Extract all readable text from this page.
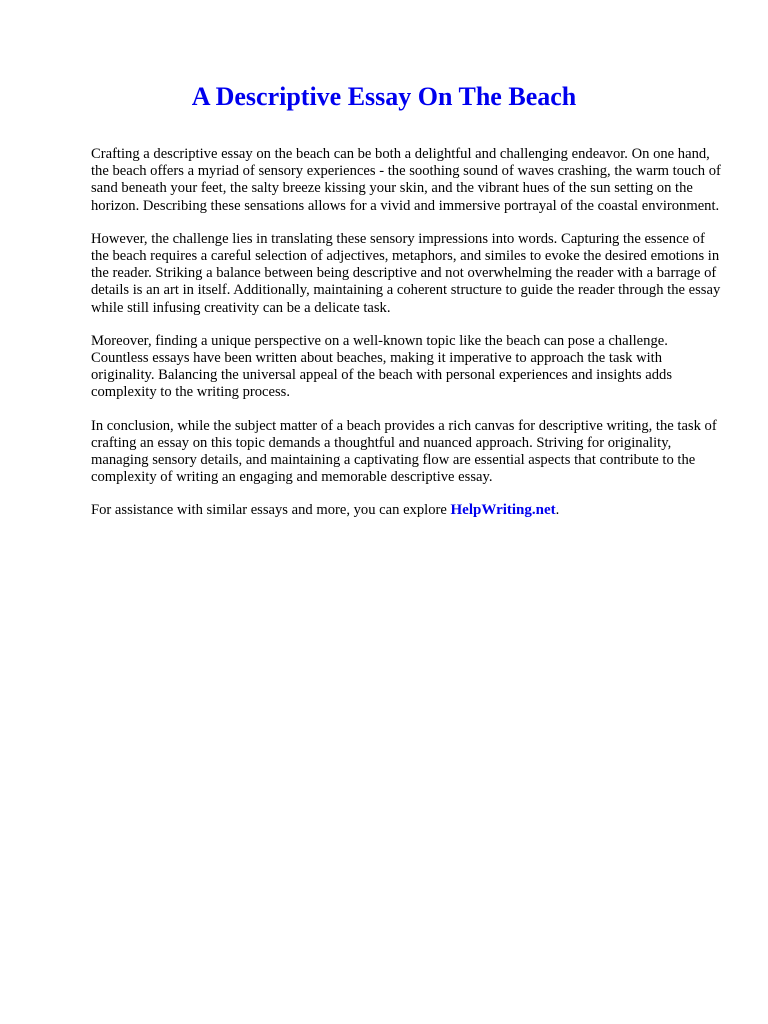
A Descriptive Essay On The Beach

Crafting a descriptive essay on the beach can be both a delightful and challenging endeavor. On one hand, the beach offers a myriad of sensory experiences - the soothing sound of waves crashing, the warm touch of sand beneath your feet, the salty breeze kissing your skin, and the vibrant hues of the sun setting on the horizon. Describing these sensations allows for a vivid and immersive portrayal of the coastal environment.

However, the challenge lies in translating these sensory impressions into words. Capturing the essence of the beach requires a careful selection of adjectives, metaphors, and similes to evoke the desired emotions in the reader. Striking a balance between being descriptive and not overwhelming the reader with a barrage of details is an art in itself. Additionally, maintaining a coherent structure to guide the reader through the essay while still infusing creativity can be a delicate task.

Moreover, finding a unique perspective on a well-known topic like the beach can pose a challenge. Countless essays have been written about beaches, making it imperative to approach the task with originality. Balancing the universal appeal of the beach with personal experiences and insights adds complexity to the writing process.

In conclusion, while the subject matter of a beach provides a rich canvas for descriptive writing, the task of crafting an essay on this topic demands a thoughtful and nuanced approach. Striving for originality, managing sensory details, and maintaining a captivating flow are essential aspects that contribute to the complexity of writing an engaging and memorable descriptive essay.

For assistance with similar essays and more, you can explore HelpWriting.net.
